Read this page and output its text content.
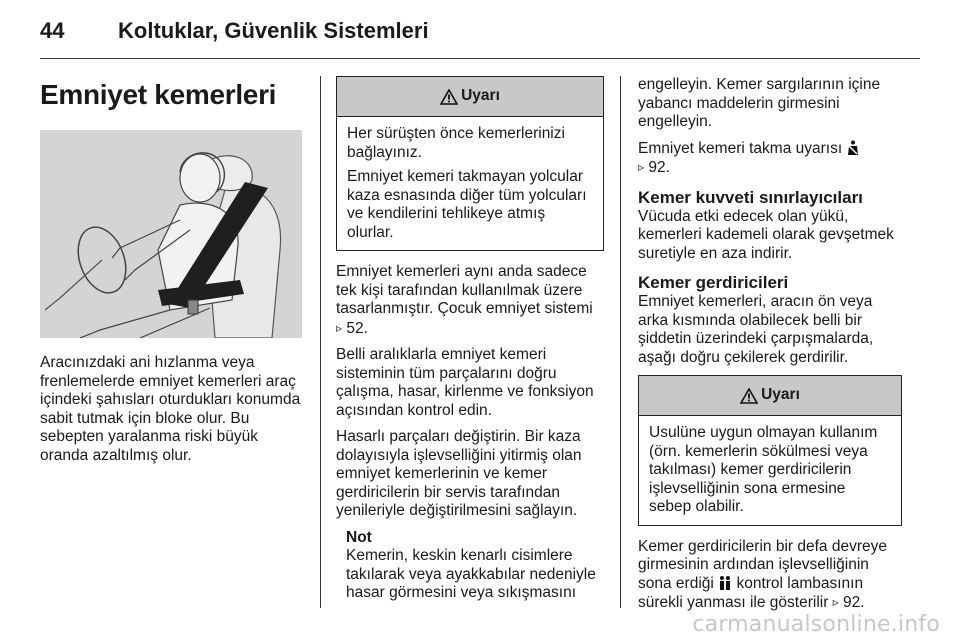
44 Koltuklar, Güvenlik Sistemleri
Emniyet kemerleri

Aracınızdaki ani hızlanma veya frenlemelerde emniyet kemerleri araç içindeki şahısları oturdukları konumda sabit tutmak için bloke olur. Bu sebepten yaralanma riski büyük oranda azaltılmış olur.

Uyarı

Her sürüşten önce kemerlerinizi bağlayınız.

Emniyet kemeri takmayan yolcular kaza esnasında diğer tüm yolcuları ve kendilerini tehlikeye atmış olurlar.

Emniyet kemerleri aynı anda sadece tek kişi tarafından kullanılmak üzere tasarlanmıştır. Çocuk emniyet sistemi
▹ 52.

Belli aralıklarla emniyet kemeri sisteminin tüm parçalarını doğru çalışma, hasar, kirlenme ve fonksiyon açısından kontrol edin.

Hasarlı parçaları değiştirin. Bir kaza dolayısıyla işlevselliğini yitirmiş olan emniyet kemerlerinin ve kemer gerdiricilerin bir servis tarafından yenileriyle değiştirilmesini sağlayın.

Not
Kemerin, keskin kenarlı cisimlere takılarak veya ayakkabılar nedeniyle hasar görmesini veya sıkışmasını

engelleyin. Kemer sargılarının içine yabancı maddelerin girmesini engelleyin.

Emniyet kemeri takma uyarısı
▹ 92.

Kemer kuvveti sınırlayıcıları

Vücuda etki edecek olan yükü, kemerleri kademeli olarak gevşetmek suretiyle en aza indirir.

Kemer gerdiricileri

Emniyet kemerleri, aracın ön veya arka kısmında olabilecek belli bir şiddetin üzerindeki çarpışmalarda, aşağı doğru çekilerek gerdirilir.

Uyarı

Usulüne uygun olmayan kullanım (örn. kemerlerin sökülmesi veya takılması) kemer gerdiricilerin işlevselliğinin sona ermesine sebep olabilir.

Kemer gerdiricilerin bir defa devreye girmesinin ardından işlevselliğinin sona erdiği kontrol lambasının sürekli yanması ile gösterilir ▹ 92.

carmanualsonline.info
